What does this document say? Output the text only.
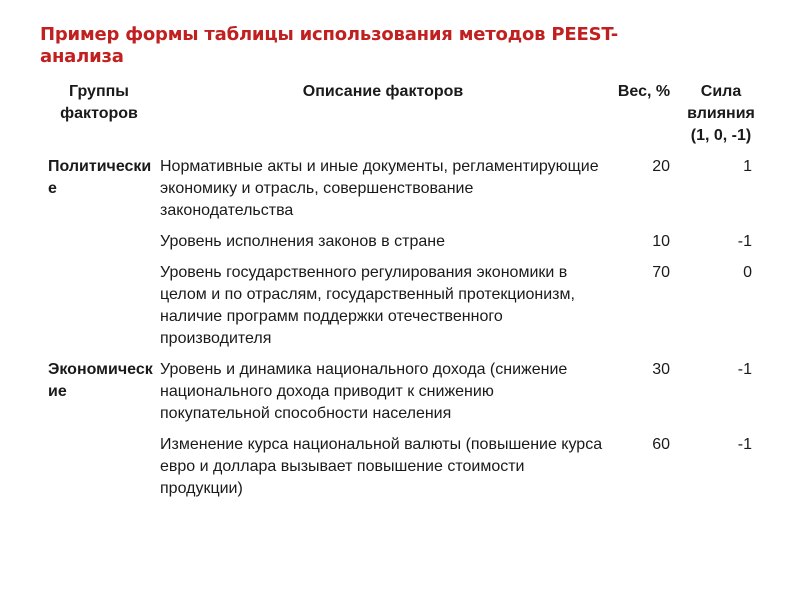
Пример формы таблицы использования методов PEEST-анализа
Группы факторов	Описание факторов	Вес, %	Сила влияния (1, 0, -1)
Политические	Нормативные акты и иные документы, регламентирующие экономику и отрасль, совершенствование законодательства	20	1
	Уровень исполнения законов в стране	10	-1
	Уровень государственного регулирования экономики в целом и по отраслям, государственный протекционизм, наличие программ поддержки отечественного производителя	70	0
Экономические	Уровень и динамика национального дохода (снижение национального дохода приводит к снижению покупательной способности населения	30	-1
	Изменение курса национальной валюты (повышение курса евро и доллара вызывает повышение стоимости продукции)	60	-1
